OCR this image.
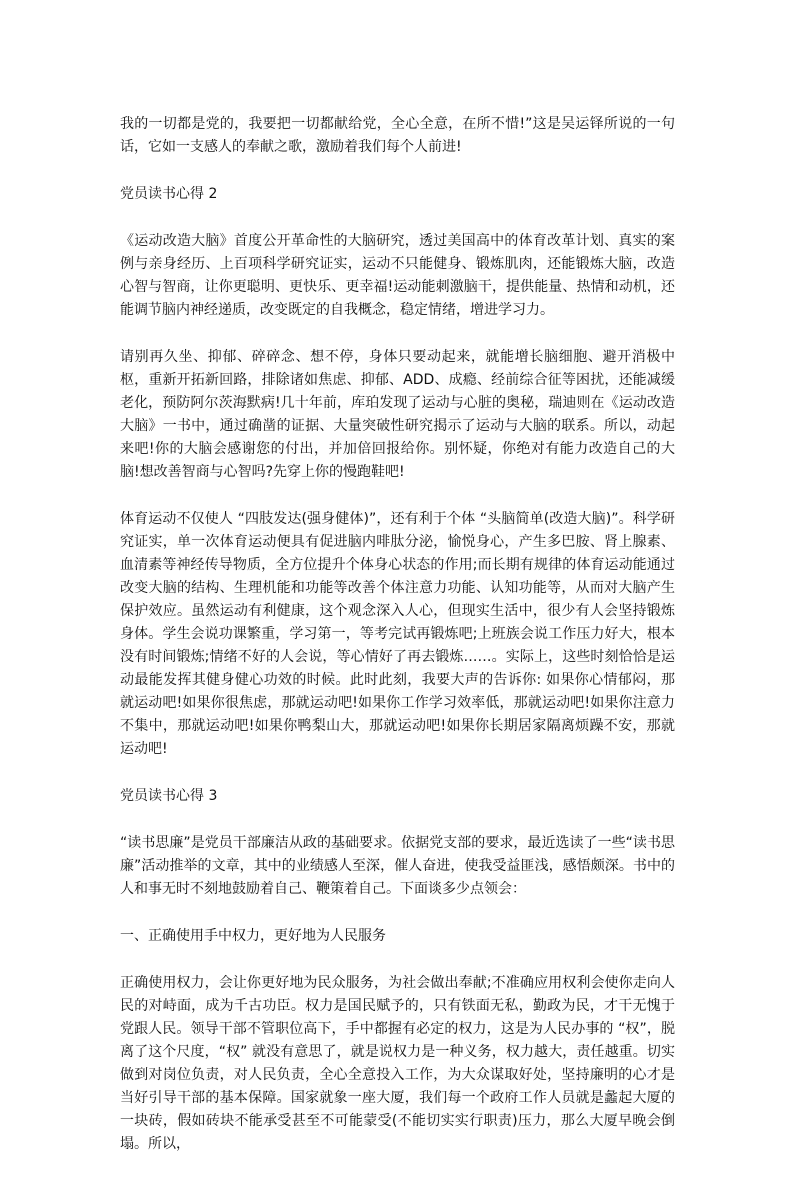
我的一切都是党的，我要把一切都献给党，全心全意，在所不惜!”这是吴运铎所说的一句话，它如一支感人的奉献之歌，激励着我们每个人前进!

党员读书心得 2

《运动改造大脑》首度公开革命性的大脑研究，透过美国高中的体育改革计划、真实的案例与亲身经历、上百项科学研究证实，运动不只能健身、锻炼肌肉，还能锻炼大脑，改造心智与智商，让你更聪明、更快乐、更幸福!运动能刺激脑干，提供能量、热情和动机，还能调节脑内神经递质，改变既定的自我概念，稳定情绪，增进学习力。

请别再久坐、抑郁、碎碎念、想不停，身体只要动起来，就能增长脑细胞、避开消极中枢，重新开拓新回路，排除诸如焦虑、抑郁、ADD、成瘾、经前综合征等困扰，还能减缓老化，预防阿尔茨海默病!几十年前，库珀发现了运动与心脏的奥秘，瑞迪则在《运动改造大脑》一书中，通过确凿的证据、大量突破性研究揭示了运动与大脑的联系。所以，动起来吧!你的大脑会感谢您的付出，并加倍回报给你。别怀疑，你绝对有能力改造自己的大脑!想改善智商与心智吗?先穿上你的慢跑鞋吧!

体育运动不仅使人 “四肢发达(强身健体)”，还有利于个体 “头脑简单(改造大脑)”。科学研究证实，单一次体育运动便具有促进脑内啡肽分泌，愉悦身心，产生多巴胺、肾上腺素、血清素等神经传导物质，全方位提升个体身心状态的作用;而长期有规律的体育运动能通过改变大脑的结构、生理机能和功能等改善个体注意力功能、认知功能等，从而对大脑产生保护效应。虽然运动有利健康，这个观念深入人心，但现实生活中，很少有人会坚持锻炼身体。学生会说功课繁重，学习第一，等考完试再锻炼吧;上班族会说工作压力好大，根本没有时间锻炼;情绪不好的人会说，等心情好了再去锻炼……。实际上，这些时刻恰恰是运动最能发挥其健身健心功效的时候。此时此刻，我要大声的告诉你: 如果你心情郁闷，那就运动吧!如果你很焦虑，那就运动吧!如果你工作学习效率低，那就运动吧!如果你注意力不集中，那就运动吧!如果你鸭梨山大，那就运动吧!如果你长期居家隔离烦躁不安，那就运动吧!

党员读书心得 3

“读书思廉”是党员干部廉洁从政的基础要求。依据党支部的要求，最近选读了一些“读书思廉”活动推举的文章，其中的业绩感人至深，催人奋进，使我受益匪浅，感悟颇深。书中的人和事无时不刻地鼓励着自己、鞭策着自己。下面谈多少点领会：

一、正确使用手中权力，更好地为人民服务

正确使用权力，会让你更好地为民众服务，为社会做出奉献;不准确应用权利会使你走向人民的对峙面，成为千古功臣。权力是国民赋予的，只有铁面无私，勤政为民，才干无愧于党跟人民。领导干部不管职位高下，手中都握有必定的权力，这是为人民办事的 “权”，脱离了这个尺度，“权” 就没有意思了，就是说权力是一种义务，权力越大，责任越重。切实做到对岗位负责，对人民负责，全心全意投入工作，为大众谋取好处，坚持廉明的心才是当好引导干部的基本保障。国家就象一座大厦，我们每一个政府工作人员就是蠡起大厦的一块砖，假如砖块不能承受甚至不可能蒙受(不能切实实行职责)压力，那么大厦早晚会倒塌。所以，
